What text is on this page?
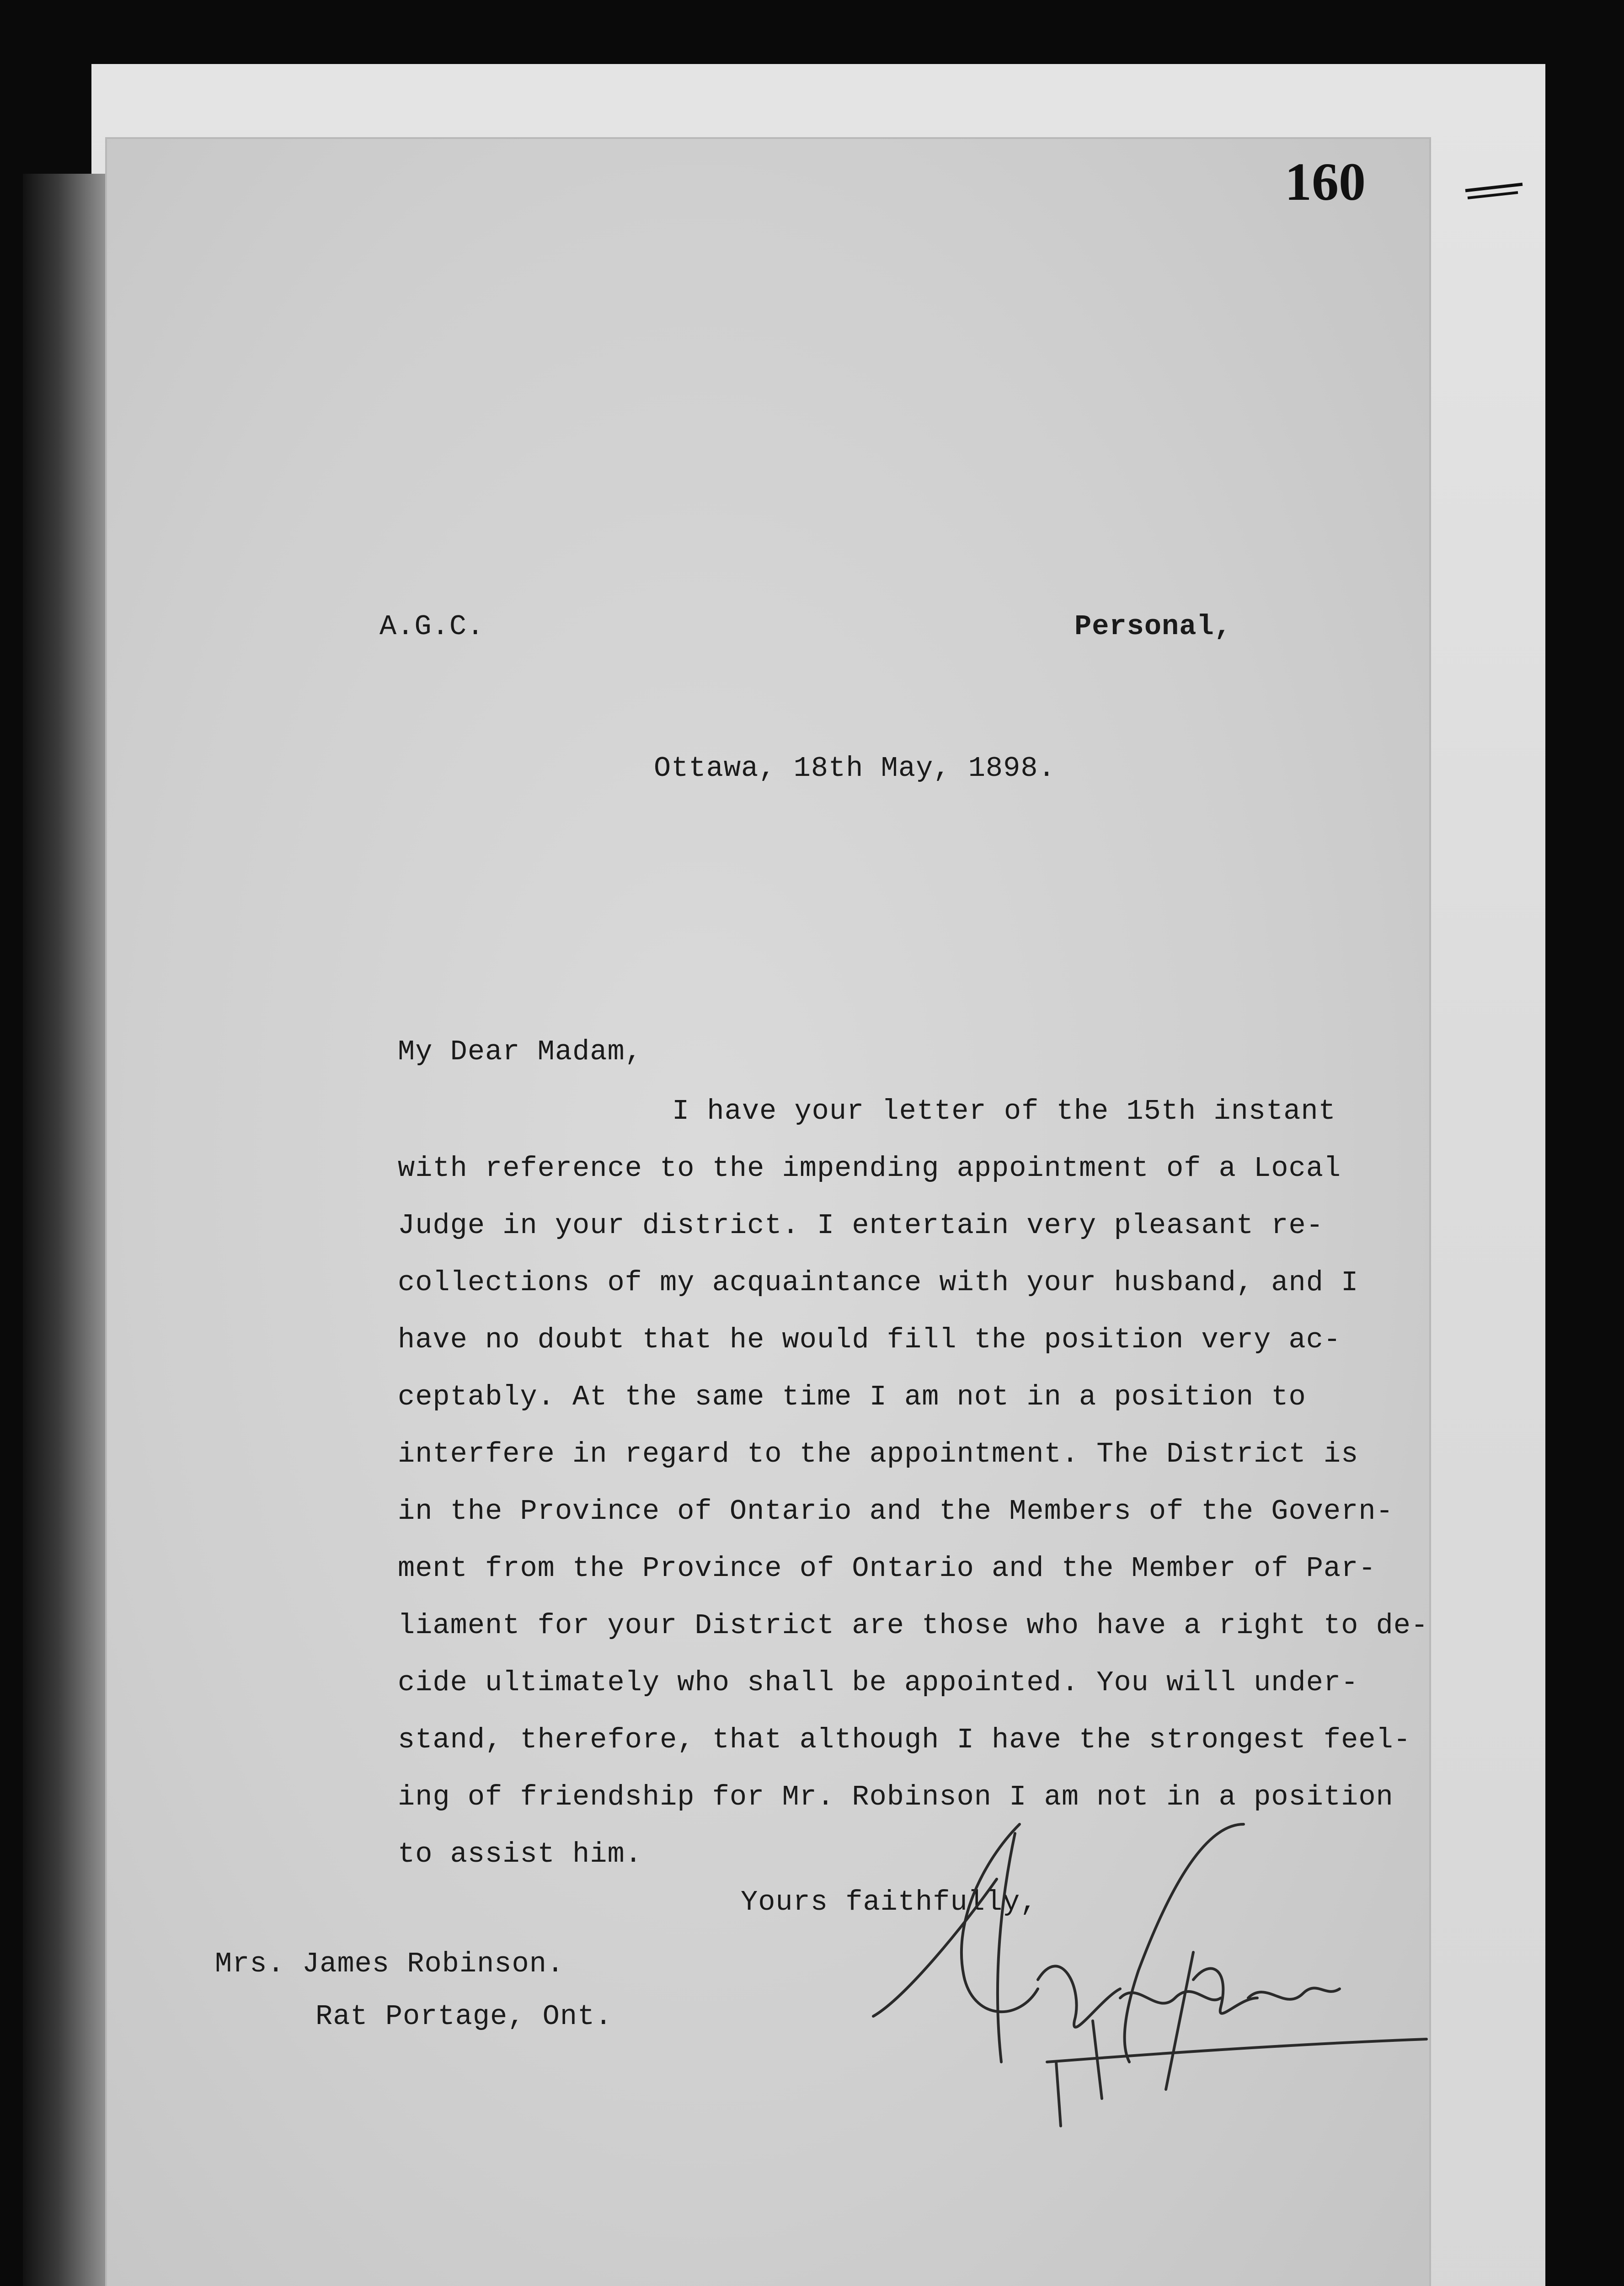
160
A.G.C.	Personal,
Ottawa, 18th May, 1898.
My Dear Madam,
I have your letter of the 15th instant
with reference to the impending appointment of a Local
Judge in your district. I entertain very pleasant re-
collections of my acquaintance with your husband, and I
have no doubt that he would fill the position very ac-
ceptably. At the same time I am not in a position to
interfere in regard to the appointment. The District is
in the Province of Ontario and the Members of the Govern-
ment from the Province of Ontario and the Member of Par-
liament for your District are those who have a right to de-
cide ultimately who shall be appointed. You will under-
stand, therefore, that although I have the strongest feel-
ing of friendship for Mr. Robinson I am not in a position
to assist him.
Yours faithfully,
Mrs. James Robinson.
Rat Portage, Ont.
